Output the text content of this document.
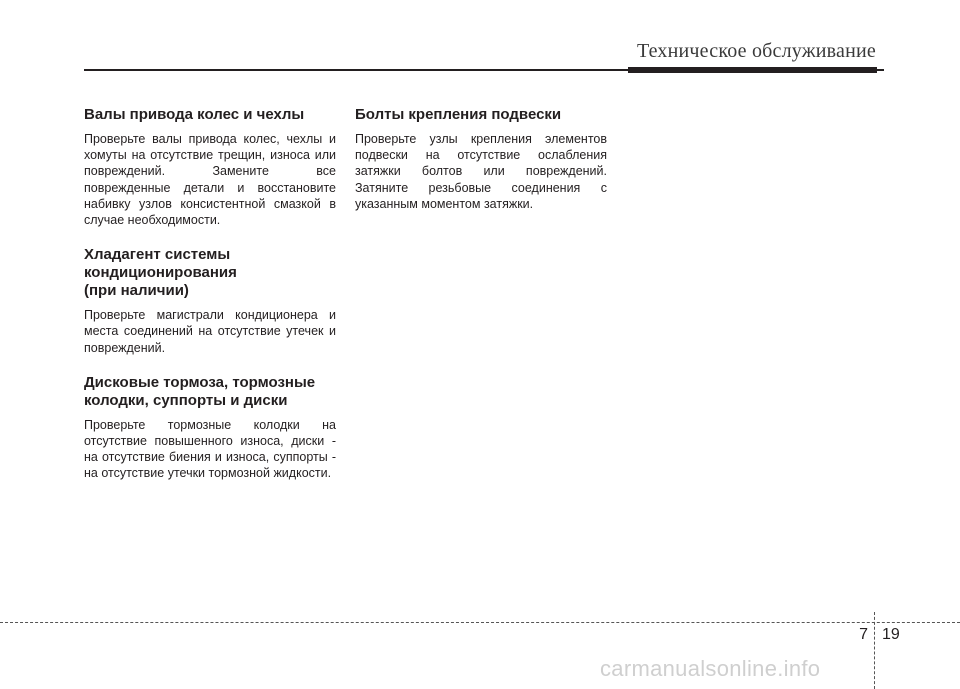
Техническое обслуживание
Валы привода колес и чехлы

Проверьте валы привода колес, чехлы и хомуты на отсутствие трещин, износа или повреждений. Замените все поврежденные детали и восстановите набивку узлов консистентной смазкой в случае необходимости.

Хладагент системы
кондиционирования
(при наличии)

Проверьте магистрали кондиционера и места соединений на отсутствие утечек и повреждений.

Дисковые тормоза, тормозные
колодки, суппорты и диски

Проверьте тормозные колодки на отсутствие повышенного износа, диски - на отсутствие биения и износа, суппорты - на отсутствие утечки тормозной жидкости.

Болты крепления подвески

Проверьте узлы крепления элементов подвески на отсутствие ослабления затяжки болтов или повреждений. Затяните резьбовые соединения с указанным моментом затяжки.

7 19
carmanualsonline.info
